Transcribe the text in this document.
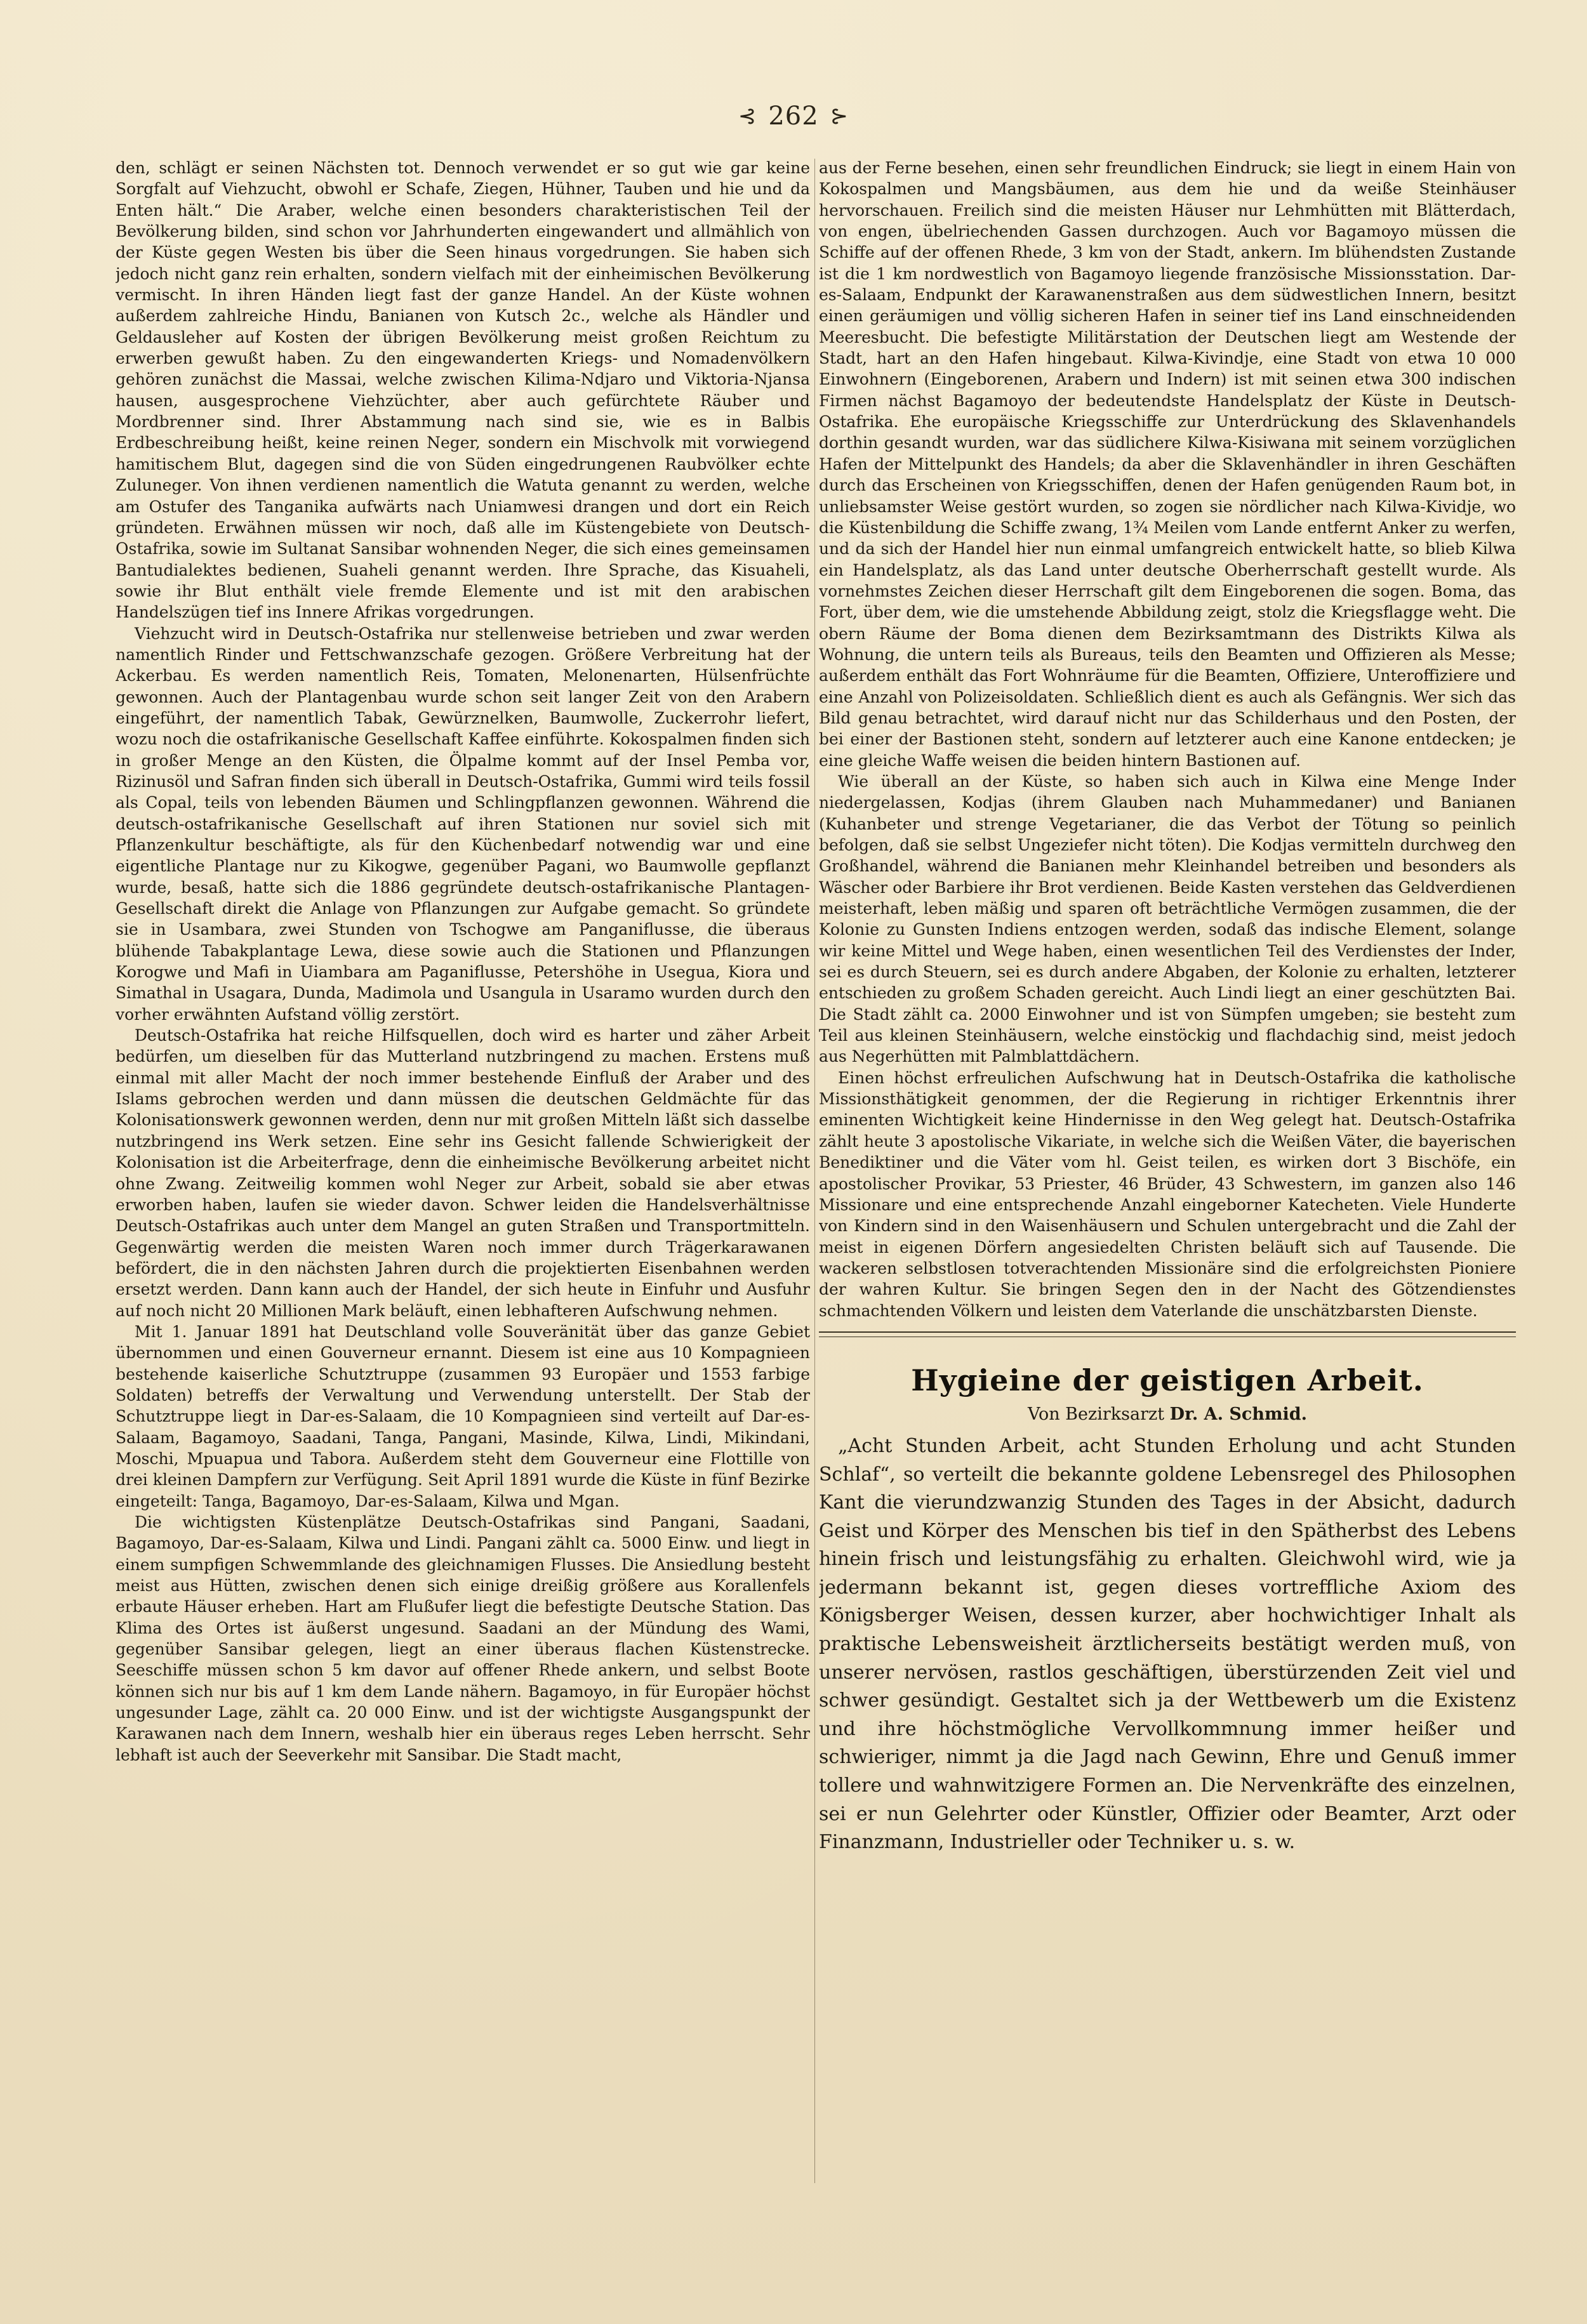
⊰ 262 ⊱

den, schlägt er seinen Nächsten tot. Dennoch verwendet er so gut wie gar keine Sorgfalt auf Viehzucht, obwohl er Schafe, Ziegen, Hühner, Tauben und hie und da Enten hält.“ Die Araber, welche einen besonders charakteristischen Teil der Bevölkerung bilden, sind schon vor Jahrhunderten eingewandert und allmählich von der Küste gegen Westen bis über die Seen hinaus vorgedrungen. Sie haben sich jedoch nicht ganz rein erhalten, sondern vielfach mit der einheimischen Bevölkerung vermischt. In ihren Händen liegt fast der ganze Handel. An der Küste wohnen außerdem zahlreiche Hindu, Banianen von Kutsch 2c., welche als Händler und Geldausleher auf Kosten der übrigen Bevölkerung meist großen Reichtum zu erwerben gewußt haben. Zu den eingewanderten Kriegs- und Nomadenvölkern gehören zunächst die Massai, welche zwischen Kilima-Ndjaro und Viktoria-Njansa hausen, ausgesprochene Viehzüchter, aber auch gefürchtete Räuber und Mordbrenner sind. Ihrer Abstammung nach sind sie, wie es in Balbis Erdbeschreibung heißt, keine reinen Neger, sondern ein Mischvolk mit vorwiegend hamitischem Blut, dagegen sind die von Süden eingedrungenen Raubvölker echte Zuluneger. Von ihnen verdienen namentlich die Watuta genannt zu werden, welche am Ostufer des Tanganika aufwärts nach Uniamwesi drangen und dort ein Reich gründeten. Erwähnen müssen wir noch, daß alle im Küstengebiete von Deutsch-Ostafrika, sowie im Sultanat Sansibar wohnenden Neger, die sich eines gemeinsamen Bantudialektes bedienen, Suaheli genannt werden. Ihre Sprache, das Kisuaheli, sowie ihr Blut enthält viele fremde Elemente und ist mit den arabischen Handelszügen tief ins Innere Afrikas vorgedrungen.

Viehzucht wird in Deutsch-Ostafrika nur stellenweise betrieben und zwar werden namentlich Rinder und Fettschwanzschafe gezogen. Größere Verbreitung hat der Ackerbau. Es werden namentlich Reis, Tomaten, Melonenarten, Hülsenfrüchte gewonnen. Auch der Plantagenbau wurde schon seit langer Zeit von den Arabern eingeführt, der namentlich Tabak, Gewürznelken, Baumwolle, Zuckerrohr liefert, wozu noch die ostafrikanische Gesellschaft Kaffee einführte. Kokospalmen finden sich in großer Menge an den Küsten, die Ölpalme kommt auf der Insel Pemba vor, Rizinusöl und Safran finden sich überall in Deutsch-Ostafrika, Gummi wird teils fossil als Copal, teils von lebenden Bäumen und Schlingpflanzen gewonnen. Während die deutsch-ostafrikanische Gesellschaft auf ihren Stationen nur soviel sich mit Pflanzenkultur beschäftigte, als für den Küchenbedarf notwendig war und eine eigentliche Plantage nur zu Kikogwe, gegenüber Pagani, wo Baumwolle gepflanzt wurde, besaß, hatte sich die 1886 gegründete deutsch-ostafrikanische Plantagen-Gesellschaft direkt die Anlage von Pflanzungen zur Aufgabe gemacht. So gründete sie in Usambara, zwei Stunden von Tschogwe am Panganiflusse, die überaus blühende Tabakplantage Lewa, diese sowie auch die Stationen und Pflanzungen Korogwe und Mafi in Uiambara am Paganiflusse, Petershöhe in Usegua, Kiora und Simathal in Usagara, Dunda, Madimola und Usangula in Usaramo wurden durch den vorher erwähnten Aufstand völlig zerstört.

Deutsch-Ostafrika hat reiche Hilfsquellen, doch wird es harter und zäher Arbeit bedürfen, um dieselben für das Mutterland nutzbringend zu machen. Erstens muß einmal mit aller Macht der noch immer bestehende Einfluß der Araber und des Islams gebrochen werden und dann müssen die deutschen Geldmächte für das Kolonisationswerk gewonnen werden, denn nur mit großen Mitteln läßt sich dasselbe nutzbringend ins Werk setzen. Eine sehr ins Gesicht fallende Schwierigkeit der Kolonisation ist die Arbeiterfrage, denn die einheimische Bevölkerung arbeitet nicht ohne Zwang. Zeitweilig kommen wohl Neger zur Arbeit, sobald sie aber etwas erworben haben, laufen sie wieder davon. Schwer leiden die Handelsverhältnisse Deutsch-Ostafrikas auch unter dem Mangel an guten Straßen und Transportmitteln. Gegenwärtig werden die meisten Waren noch immer durch Trägerkarawanen befördert, die in den nächsten Jahren durch die projektierten Eisenbahnen werden ersetzt werden. Dann kann auch der Handel, der sich heute in Einfuhr und Ausfuhr auf noch nicht 20 Millionen Mark beläuft, einen lebhafteren Aufschwung nehmen.

Mit 1. Januar 1891 hat Deutschland volle Souveränität über das ganze Gebiet übernommen und einen Gouverneur ernannt. Diesem ist eine aus 10 Kompagnieen bestehende kaiserliche Schutztruppe (zusammen 93 Europäer und 1553 farbige Soldaten) betreffs der Verwaltung und Verwendung unterstellt. Der Stab der Schutztruppe liegt in Dar-es-Salaam, die 10 Kompagnieen sind verteilt auf Dar-es-Salaam, Bagamoyo, Saadani, Tanga, Pangani, Masinde, Kilwa, Lindi, Mikindani, Moschi, Mpuapua und Tabora. Außerdem steht dem Gouverneur eine Flottille von drei kleinen Dampfern zur Verfügung. Seit April 1891 wurde die Küste in fünf Bezirke eingeteilt: Tanga, Bagamoyo, Dar-es-Salaam, Kilwa und Mgan.

Die wichtigsten Küstenplätze Deutsch-Ostafrikas sind Pangani, Saadani, Bagamoyo, Dar-es-Salaam, Kilwa und Lindi. Pangani zählt ca. 5000 Einw. und liegt in einem sumpfigen Schwemmlande des gleichnamigen Flusses. Die Ansiedlung besteht meist aus Hütten, zwischen denen sich einige dreißig größere aus Korallenfels erbaute Häuser erheben. Hart am Flußufer liegt die befestigte Deutsche Station. Das Klima des Ortes ist äußerst ungesund. Saadani an der Mündung des Wami, gegenüber Sansibar gelegen, liegt an einer überaus flachen Küstenstrecke. Seeschiffe müssen schon 5 km davor auf offener Rhede ankern, und selbst Boote können sich nur bis auf 1 km dem Lande nähern. Bagamoyo, in für Europäer höchst ungesunder Lage, zählt ca. 20 000 Einw. und ist der wichtigste Ausgangspunkt der Karawanen nach dem Innern, weshalb hier ein überaus reges Leben herrscht. Sehr lebhaft ist auch der Seeverkehr mit Sansibar. Die Stadt macht,

aus der Ferne besehen, einen sehr freundlichen Eindruck; sie liegt in einem Hain von Kokospalmen und Mangsbäumen, aus dem hie und da weiße Steinhäuser hervorschauen. Freilich sind die meisten Häuser nur Lehmhütten mit Blätterdach, von engen, übelriechenden Gassen durchzogen. Auch vor Bagamoyo müssen die Schiffe auf der offenen Rhede, 3 km von der Stadt, ankern. Im blühendsten Zustande ist die 1 km nordwestlich von Bagamoyo liegende französische Missionsstation. Dar-es-Salaam, Endpunkt der Karawanenstraßen aus dem südwestlichen Innern, besitzt einen geräumigen und völlig sicheren Hafen in seiner tief ins Land einschneidenden Meeresbucht. Die befestigte Militärstation der Deutschen liegt am Westende der Stadt, hart an den Hafen hingebaut. Kilwa-Kivindje, eine Stadt von etwa 10 000 Einwohnern (Eingeborenen, Arabern und Indern) ist mit seinen etwa 300 indischen Firmen nächst Bagamoyo der bedeutendste Handelsplatz der Küste in Deutsch-Ostafrika. Ehe europäische Kriegsschiffe zur Unterdrückung des Sklavenhandels dorthin gesandt wurden, war das südlichere Kilwa-Kisiwana mit seinem vorzüglichen Hafen der Mittelpunkt des Handels; da aber die Sklavenhändler in ihren Geschäften durch das Erscheinen von Kriegsschiffen, denen der Hafen genügenden Raum bot, in unliebsamster Weise gestört wurden, so zogen sie nördlicher nach Kilwa-Kividje, wo die Küstenbildung die Schiffe zwang, 1¾ Meilen vom Lande entfernt Anker zu werfen, und da sich der Handel hier nun einmal umfangreich entwickelt hatte, so blieb Kilwa ein Handelsplatz, als das Land unter deutsche Oberherrschaft gestellt wurde. Als vornehmstes Zeichen dieser Herrschaft gilt dem Eingeborenen die sogen. Boma, das Fort, über dem, wie die umstehende Abbildung zeigt, stolz die Kriegsflagge weht. Die obern Räume der Boma dienen dem Bezirksamtmann des Distrikts Kilwa als Wohnung, die untern teils als Bureaus, teils den Beamten und Offizieren als Messe; außerdem enthält das Fort Wohnräume für die Beamten, Offiziere, Unteroffiziere und eine Anzahl von Polizeisoldaten. Schließlich dient es auch als Gefängnis. Wer sich das Bild genau betrachtet, wird darauf nicht nur das Schilderhaus und den Posten, der bei einer der Bastionen steht, sondern auf letzterer auch eine Kanone entdecken; je eine gleiche Waffe weisen die beiden hintern Bastionen auf.

Wie überall an der Küste, so haben sich auch in Kilwa eine Menge Inder niedergelassen, Kodjas (ihrem Glauben nach Muhammedaner) und Banianen (Kuhanbeter und strenge Vegetarianer, die das Verbot der Tötung so peinlich befolgen, daß sie selbst Ungeziefer nicht töten). Die Kodjas vermitteln durchweg den Großhandel, während die Banianen mehr Kleinhandel betreiben und besonders als Wäscher oder Barbiere ihr Brot verdienen. Beide Kasten verstehen das Geldverdienen meisterhaft, leben mäßig und sparen oft beträchtliche Vermögen zusammen, die der Kolonie zu Gunsten Indiens entzogen werden, sodaß das indische Element, solange wir keine Mittel und Wege haben, einen wesentlichen Teil des Verdienstes der Inder, sei es durch Steuern, sei es durch andere Abgaben, der Kolonie zu erhalten, letzterer entschieden zu großem Schaden gereicht. Auch Lindi liegt an einer geschützten Bai. Die Stadt zählt ca. 2000 Einwohner und ist von Sümpfen umgeben; sie besteht zum Teil aus kleinen Steinhäusern, welche einstöckig und flachdachig sind, meist jedoch aus Negerhütten mit Palmblattdächern.

Einen höchst erfreulichen Aufschwung hat in Deutsch-Ostafrika die katholische Missionsthätigkeit genommen, der die Regierung in richtiger Erkenntnis ihrer eminenten Wichtigkeit keine Hindernisse in den Weg gelegt hat. Deutsch-Ostafrika zählt heute 3 apostolische Vikariate, in welche sich die Weißen Väter, die bayerischen Benediktiner und die Väter vom hl. Geist teilen, es wirken dort 3 Bischöfe, ein apostolischer Provikar, 53 Priester, 46 Brüder, 43 Schwestern, im ganzen also 146 Missionare und eine entsprechende Anzahl eingeborner Katecheten. Viele Hunderte von Kindern sind in den Waisenhäusern und Schulen untergebracht und die Zahl der meist in eigenen Dörfern angesiedelten Christen beläuft sich auf Tausende. Die wackeren selbstlosen totverachtenden Missionäre sind die erfolgreichsten Pioniere der wahren Kultur. Sie bringen Segen den in der Nacht des Götzendienstes schmachtenden Völkern und leisten dem Vaterlande die unschätzbarsten Dienste.

Hygieine der geistigen Arbeit.
Von Bezirksarzt Dr. A. Schmid.

„Acht Stunden Arbeit, acht Stunden Erholung und acht Stunden Schlaf“, so verteilt die bekannte goldene Lebensregel des Philosophen Kant die vierundzwanzig Stunden des Tages in der Absicht, dadurch Geist und Körper des Menschen bis tief in den Spätherbst des Lebens hinein frisch und leistungsfähig zu erhalten. Gleichwohl wird, wie ja jedermann bekannt ist, gegen dieses vortreffliche Axiom des Königsberger Weisen, dessen kurzer, aber hochwichtiger Inhalt als praktische Lebensweisheit ärztlicherseits bestätigt werden muß, von unserer nervösen, rastlos geschäftigen, überstürzenden Zeit viel und schwer gesündigt. Gestaltet sich ja der Wettbewerb um die Existenz und ihre höchstmögliche Vervollkommnung immer heißer und schwieriger, nimmt ja die Jagd nach Gewinn, Ehre und Genuß immer tollere und wahnwitzigere Formen an. Die Nervenkräfte des einzelnen, sei er nun Gelehrter oder Künstler, Offizier oder Beamter, Arzt oder Finanzmann, Industrieller oder Techniker u. s. w.
